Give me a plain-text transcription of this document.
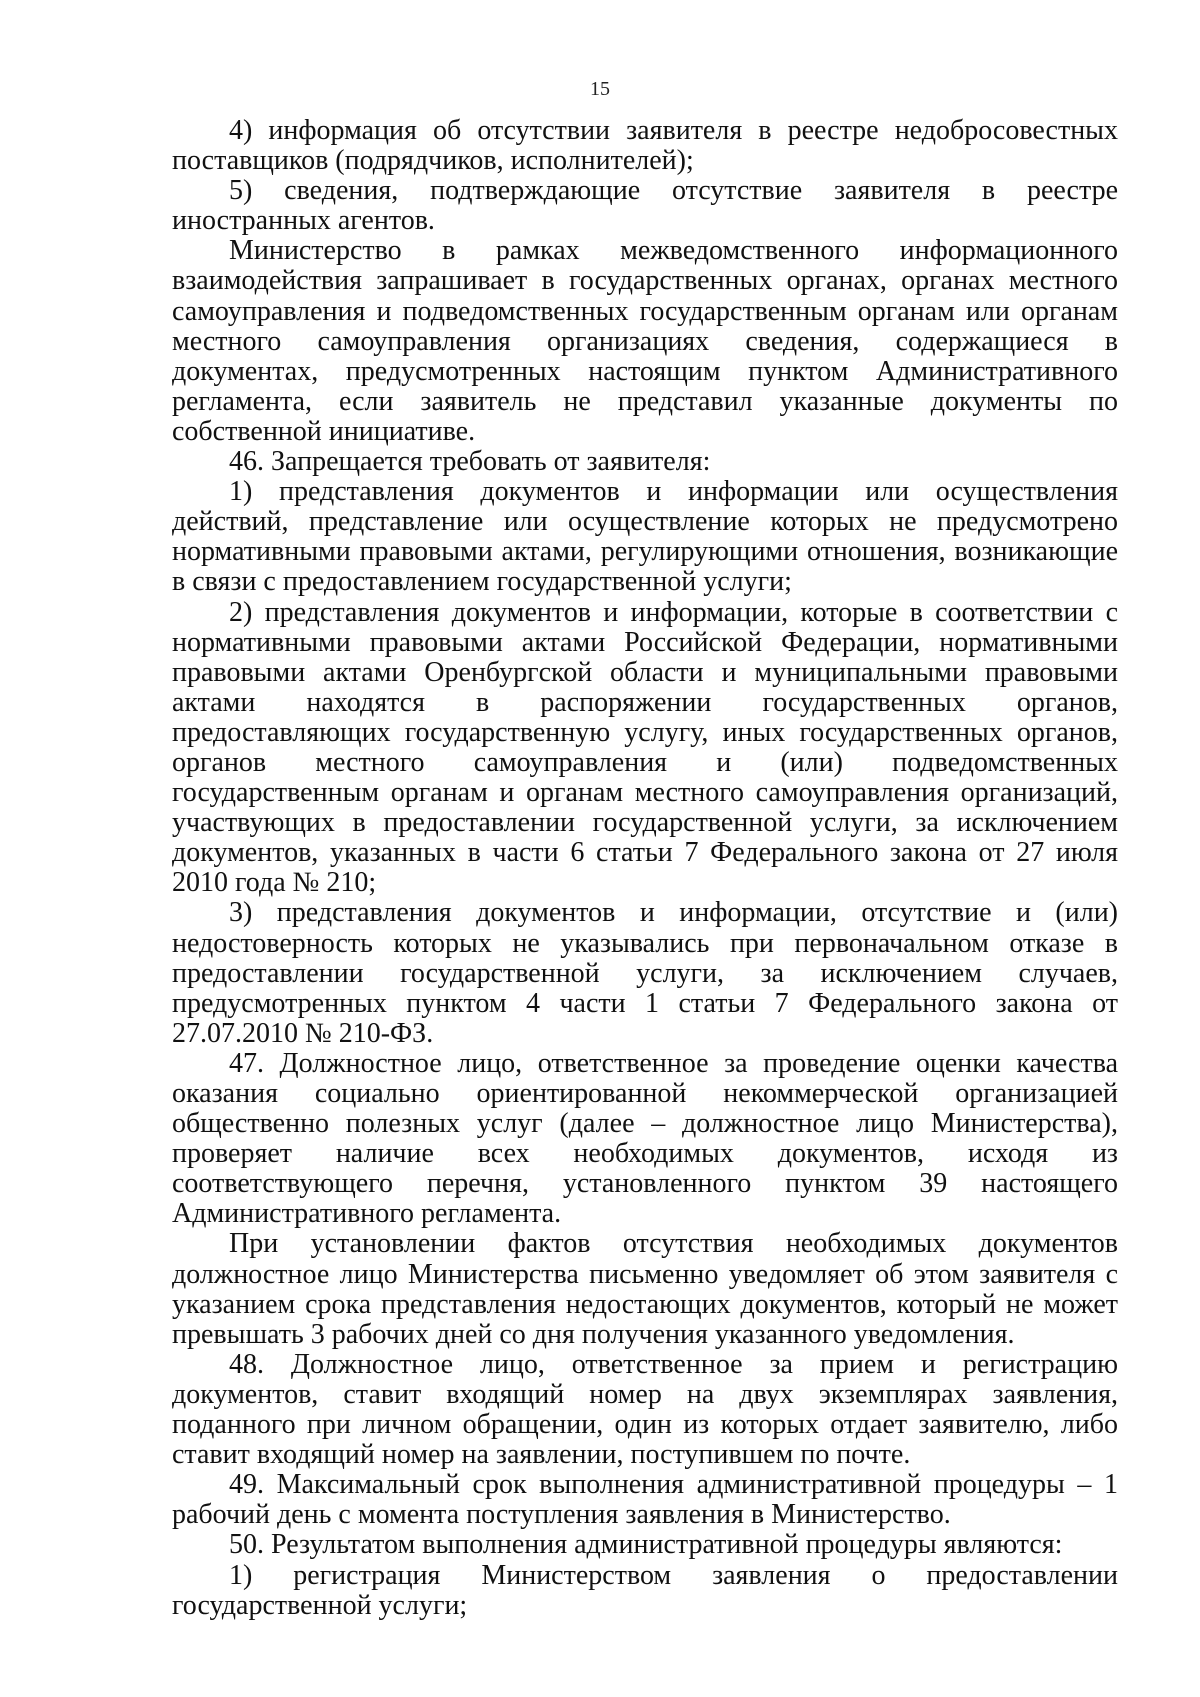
15

4) информация об отсутствии заявителя в реестре недобросовестных поставщиков (подрядчиков, исполнителей);

5) сведения, подтверждающие отсутствие заявителя в реестре иностранных агентов.

Министерство в рамках межведомственного информационного взаимодействия запрашивает в государственных органах, органах местного самоуправления и подведомственных государственным органам или органам местного самоуправления организациях сведения, содержащиеся в документах, предусмотренных настоящим пунктом Административного регламента, если заявитель не представил указанные документы по собственной инициативе.

46. Запрещается требовать от заявителя:

1) представления документов и информации или осуществления действий, представление или осуществление которых не предусмотрено нормативными правовыми актами, регулирующими отношения, возникающие в связи с предоставлением государственной услуги;

2) представления документов и информации, которые в соответствии с нормативными правовыми актами Российской Федерации, нормативными правовыми актами Оренбургской области и муниципальными правовыми актами находятся в распоряжении государственных органов, предоставляющих государственную услугу, иных государственных органов, органов местного самоуправления и (или) подведомственных государственным органам и органам местного самоуправления организаций, участвующих в предоставлении государственной услуги, за исключением документов, указанных в части 6 статьи 7 Федерального закона от 27 июля 2010 года № 210;

3) представления документов и информации, отсутствие и (или) недостоверность которых не указывались при первоначальном отказе в предоставлении государственной услуги, за исключением случаев, предусмотренных пунктом 4 части 1 статьи 7 Федерального закона от 27.07.2010 № 210-ФЗ.

47. Должностное лицо, ответственное за проведение оценки качества оказания социально ориентированной некоммерческой организацией общественно полезных услуг (далее – должностное лицо Министерства), проверяет наличие всех необходимых документов, исходя из соответствующего перечня, установленного пунктом 39 настоящего Административного регламента.

При установлении фактов отсутствия необходимых документов должностное лицо Министерства письменно уведомляет об этом заявителя с указанием срока представления недостающих документов, который не может превышать 3 рабочих дней со дня получения указанного уведомления.

48. Должностное лицо, ответственное за прием и регистрацию документов, ставит входящий номер на двух экземплярах заявления, поданного при личном обращении, один из которых отдает заявителю, либо ставит входящий номер на заявлении, поступившем по почте.

49. Максимальный срок выполнения административной процедуры – 1 рабочий день с момента поступления заявления в Министерство.

50. Результатом выполнения административной процедуры являются:

1) регистрация Министерством заявления о предоставлении государственной услуги;
